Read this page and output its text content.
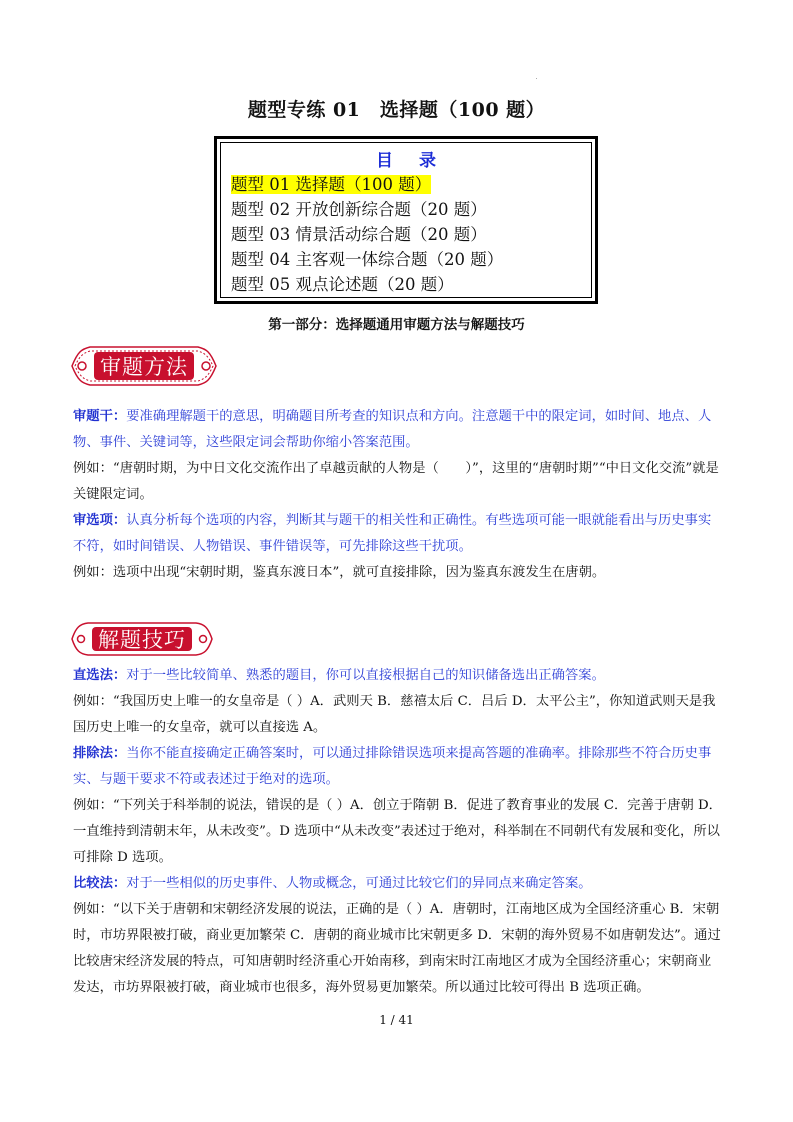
题型专练 01　选择题（100 题）
目 录
题型 01 选择题（100 题）
题型 02 开放创新综合题（20 题）
题型 03 情景活动综合题（20 题）
题型 04 主客观一体综合题（20 题）
题型 05 观点论述题（20 题）
第一部分：选择题通用审题方法与解题技巧
审题方法

审题干：要准确理解题干的意思，明确题目所考查的知识点和方向。注意题干中的限定词，如时间、地点、人物、事件、关键词等，这些限定词会帮助你缩小答案范围。

例如：“唐朝时期，为中日文化交流作出了卓越贡献的人物是（　　）”，这里的“唐朝时期”“中日文化交流”就是关键限定词。

审选项：认真分析每个选项的内容，判断其与题干的相关性和正确性。有些选项可能一眼就能看出与历史事实不符，如时间错误、人物错误、事件错误等，可先排除这些干扰项。

例如：选项中出现“宋朝时期，鉴真东渡日本”，就可直接排除，因为鉴真东渡发生在唐朝。

解题技巧

直选法：对于一些比较简单、熟悉的题目，你可以直接根据自己的知识储备选出正确答案。

例如：“我国历史上唯一的女皇帝是（ ）A．武则天 B．慈禧太后 C．吕后 D．太平公主”，你知道武则天是我国历史上唯一的女皇帝，就可以直接选 A。

排除法：当你不能直接确定正确答案时，可以通过排除错误选项来提高答题的准确率。排除那些不符合历史事实、与题干要求不符或表述过于绝对的选项。

例如：“下列关于科举制的说法，错误的是（ ）A．创立于隋朝 B．促进了教育事业的发展 C．完善于唐朝 D．一直维持到清朝末年，从未改变”。D 选项中“从未改变”表述过于绝对，科举制在不同朝代有发展和变化，所以可排除 D 选项。

比较法：对于一些相似的历史事件、人物或概念，可通过比较它们的异同点来确定答案。

例如：“以下关于唐朝和宋朝经济发展的说法，正确的是（ ）A．唐朝时，江南地区成为全国经济重心 B．宋朝时，市坊界限被打破，商业更加繁荣 C．唐朝的商业城市比宋朝更多 D．宋朝的海外贸易不如唐朝发达”。通过比较唐宋经济发展的特点，可知唐朝时经济重心开始南移，到南宋时江南地区才成为全国经济重心；宋朝商业发达，市坊界限被打破，商业城市也很多，海外贸易更加繁荣。所以通过比较可得出 B 选项正确。

1 / 41
